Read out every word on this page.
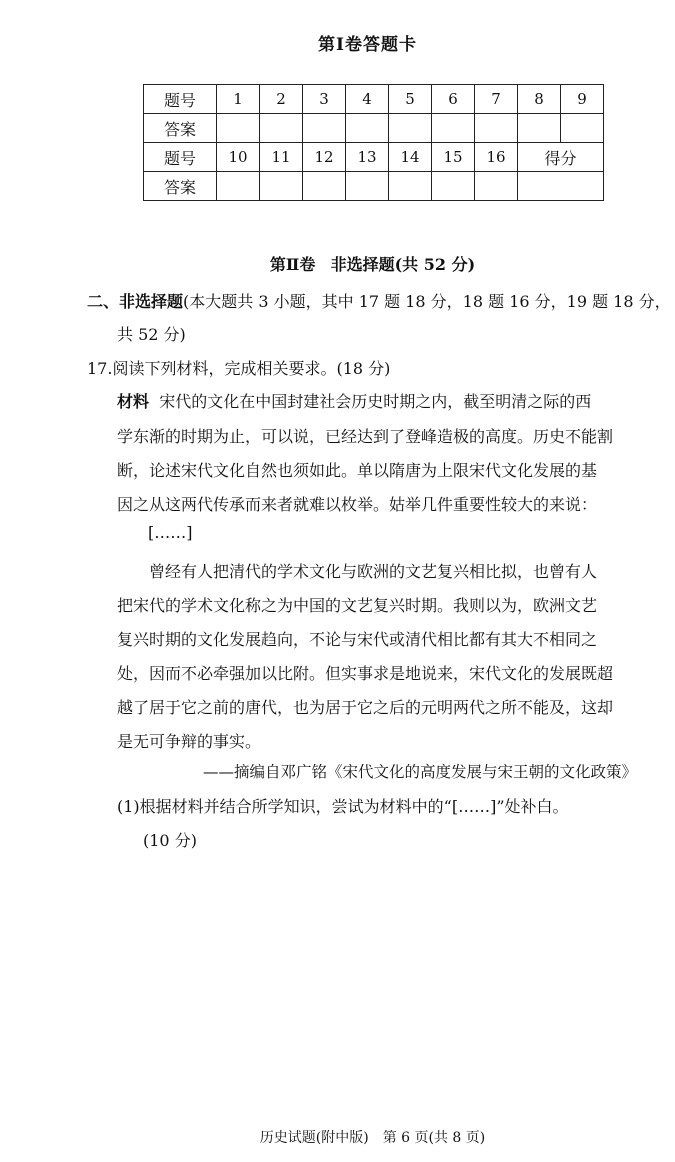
第Ⅰ卷答题卡
题号	1	2	3	4	5	6	7	8	9
答案									
题号	10	11	12	13	14	15	16	得分	
答案									
第Ⅱ卷 非选择题(共 52 分)
二、非选择题(本大题共 3 小题，其中 17 题 18 分，18 题 16 分，19 题 18 分，
共 52 分)
17.阅读下列材料，完成相关要求。(18 分)
材料 宋代的文化在中国封建社会历史时期之内，截至明清之际的西
学东渐的时期为止，可以说，已经达到了登峰造极的高度。历史不能割
断，论述宋代文化自然也须如此。单以隋唐为上限宋代文化发展的基
因之从这两代传承而来者就难以枚举。姑举几件重要性较大的来说：
[……]
曾经有人把清代的学术文化与欧洲的文艺复兴相比拟，也曾有人
把宋代的学术文化称之为中国的文艺复兴时期。我则以为，欧洲文艺
复兴时期的文化发展趋向，不论与宋代或清代相比都有其大不相同之
处，因而不必牵强加以比附。但实事求是地说来，宋代文化的发展既超
越了居于它之前的唐代，也为居于它之后的元明两代之所不能及，这却
是无可争辩的事实。
——摘编自邓广铭《宋代文化的高度发展与宋王朝的文化政策》
(1)根据材料并结合所学知识，尝试为材料中的“[……]”处补白。
(10 分)
历史试题(附中版)　第 6 页(共 8 页)
